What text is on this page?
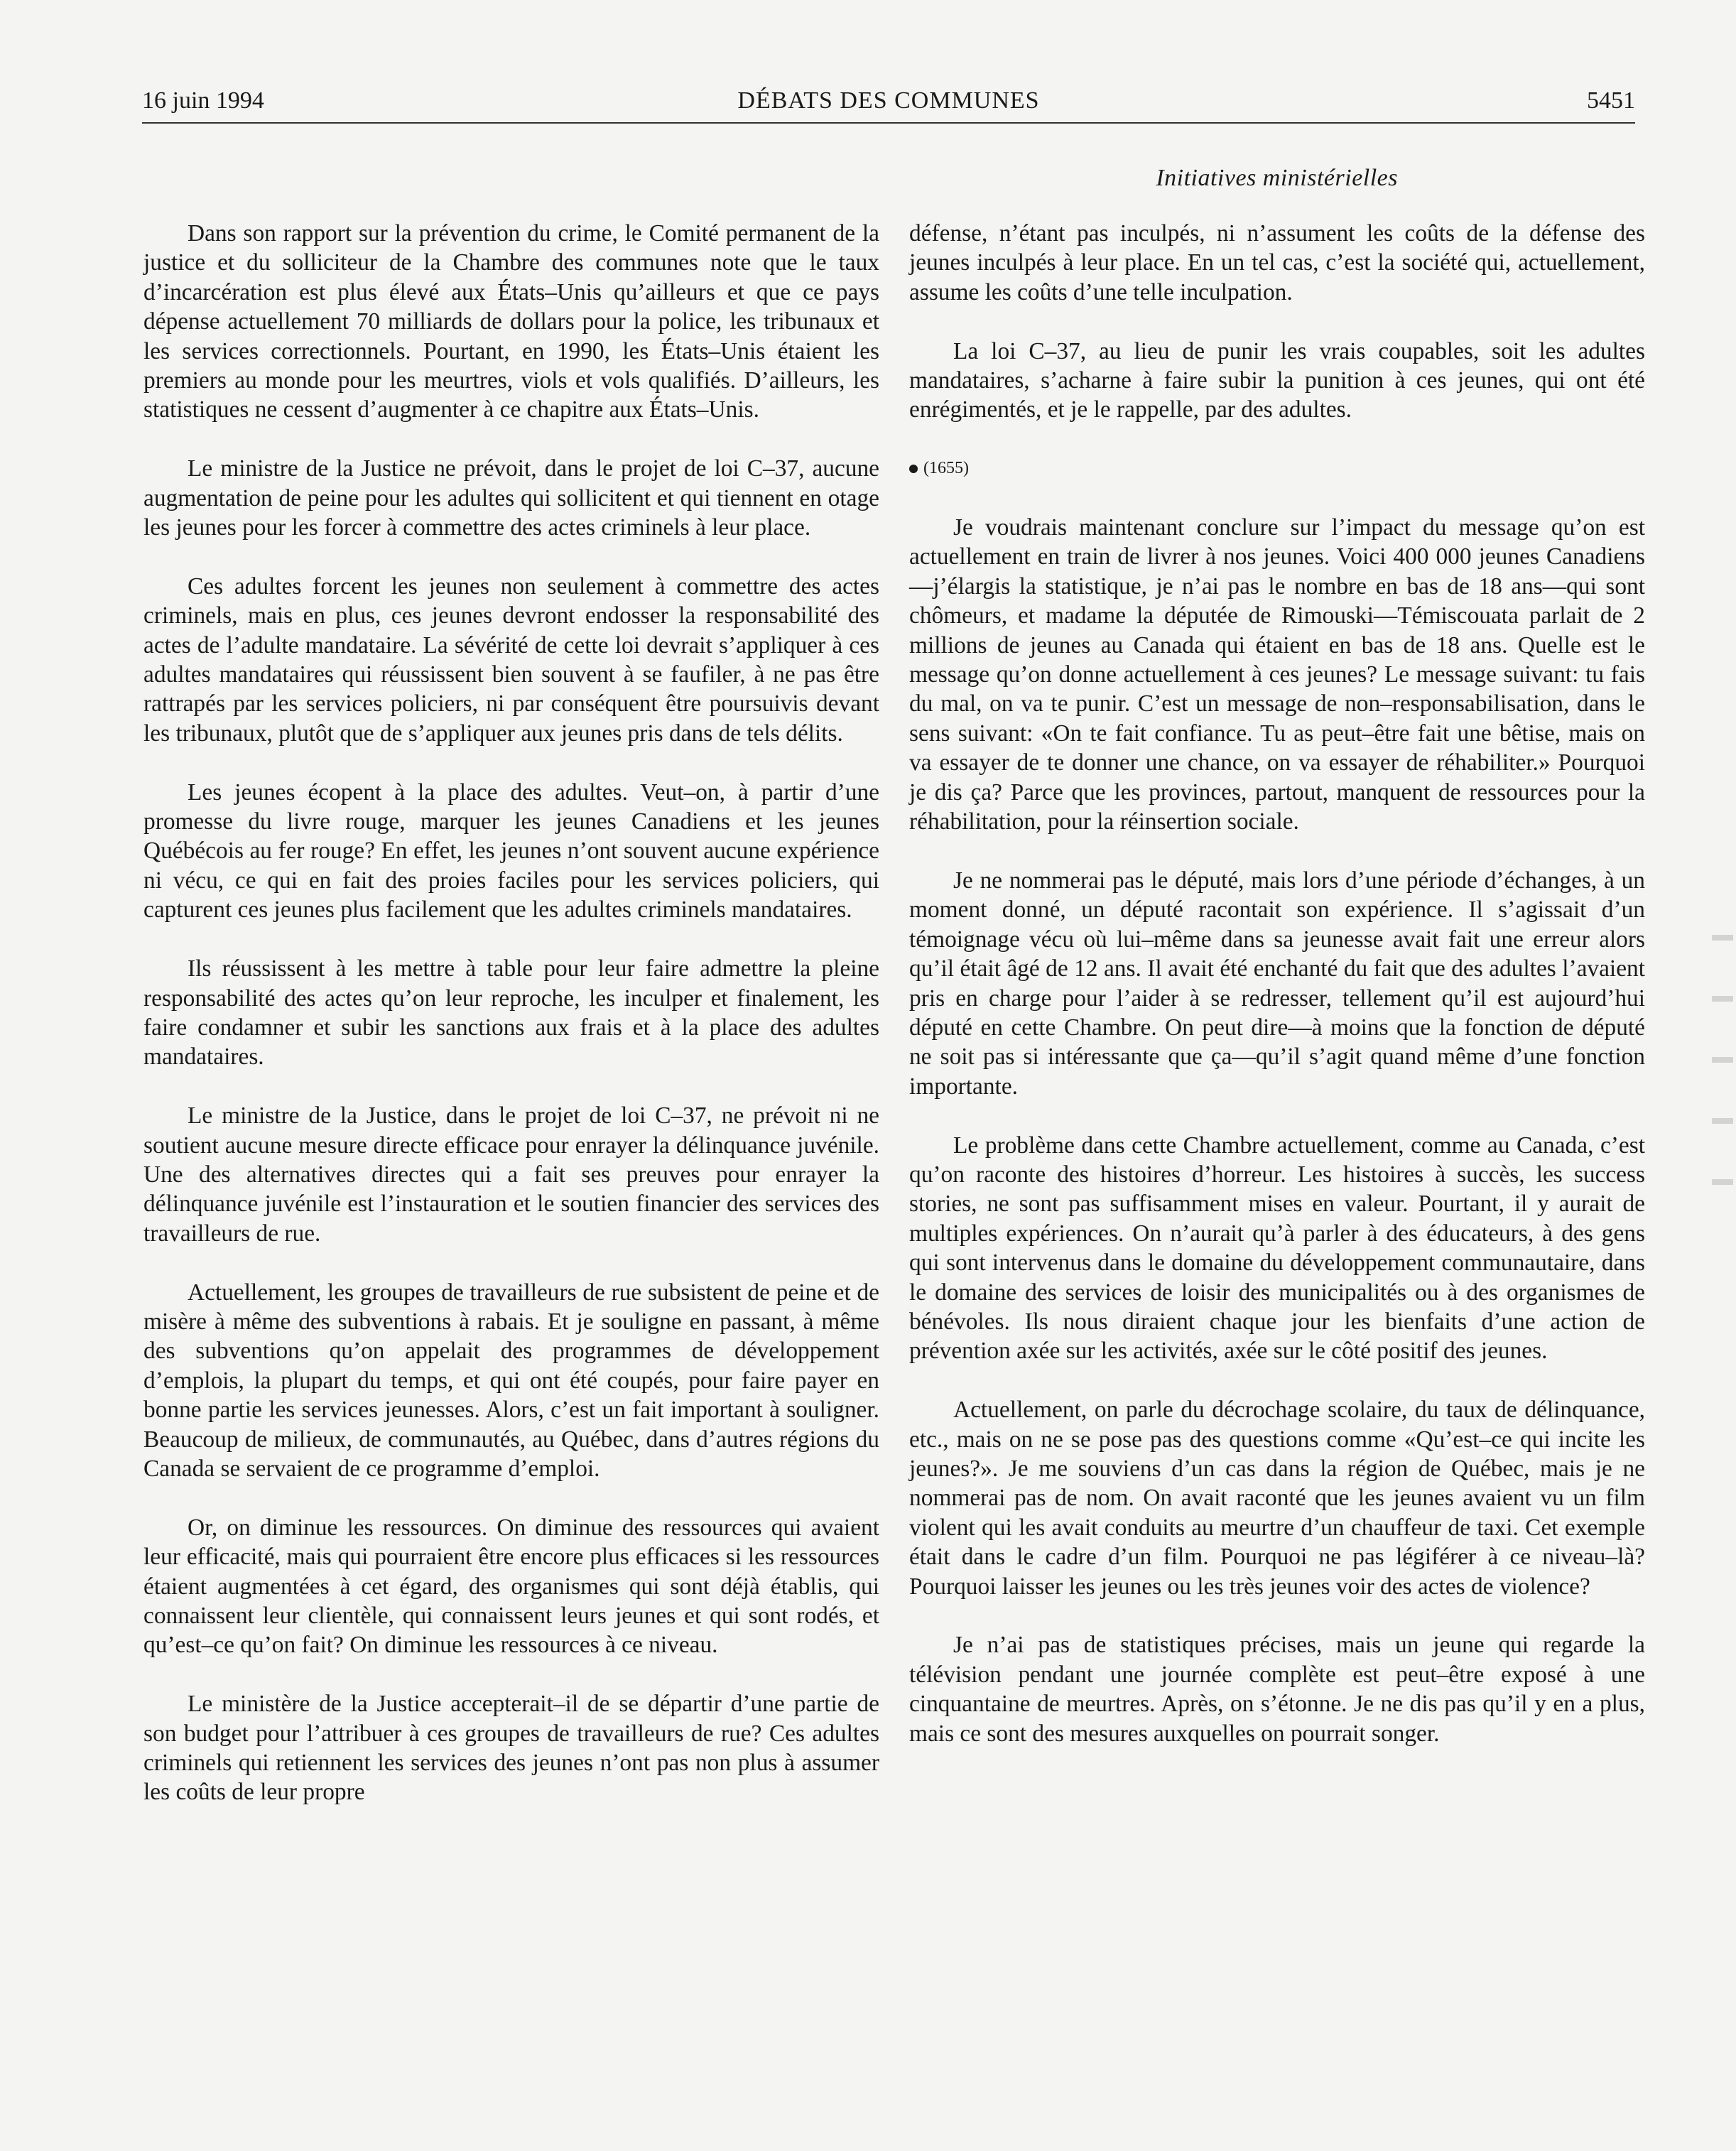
16 juin 1994	DÉBATS DES COMMUNES	5451
Initiatives ministérielles

Dans son rapport sur la prévention du crime, le Comité permanent de la justice et du solliciteur de la Chambre des communes note que le taux d’incarcération est plus élevé aux États–Unis qu’ailleurs et que ce pays dépense actuellement 70 milliards de dollars pour la police, les tribunaux et les services correctionnels. Pourtant, en 1990, les États–Unis étaient les premiers au monde pour les meurtres, viols et vols qualifiés. D’ailleurs, les statistiques ne cessent d’augmenter à ce chapitre aux États–Unis.

Le ministre de la Justice ne prévoit, dans le projet de loi C–37, aucune augmentation de peine pour les adultes qui sollicitent et qui tiennent en otage les jeunes pour les forcer à commettre des actes criminels à leur place.

Ces adultes forcent les jeunes non seulement à commettre des actes criminels, mais en plus, ces jeunes devront endosser la responsabilité des actes de l’adulte mandataire. La sévérité de cette loi devrait s’appliquer à ces adultes mandataires qui réussissent bien souvent à se faufiler, à ne pas être rattrapés par les services policiers, ni par conséquent être poursuivis devant les tribunaux, plutôt que de s’appliquer aux jeunes pris dans de tels délits.

Les jeunes écopent à la place des adultes. Veut–on, à partir d’une promesse du livre rouge, marquer les jeunes Canadiens et les jeunes Québécois au fer rouge? En effet, les jeunes n’ont souvent aucune expérience ni vécu, ce qui en fait des proies faciles pour les services policiers, qui capturent ces jeunes plus facilement que les adultes criminels mandataires.

Ils réussissent à les mettre à table pour leur faire admettre la pleine responsabilité des actes qu’on leur reproche, les inculper et finalement, les faire condamner et subir les sanctions aux frais et à la place des adultes mandataires.

Le ministre de la Justice, dans le projet de loi C–37, ne prévoit ni ne soutient aucune mesure directe efficace pour enrayer la délinquance juvénile. Une des alternatives directes qui a fait ses preuves pour enrayer la délinquance juvénile est l’instauration et le soutien financier des services des travailleurs de rue.

Actuellement, les groupes de travailleurs de rue subsistent de peine et de misère à même des subventions à rabais. Et je souligne en passant, à même des subventions qu’on appelait des programmes de développement d’emplois, la plupart du temps, et qui ont été coupés, pour faire payer en bonne partie les services jeunesses. Alors, c’est un fait important à souligner. Beaucoup de milieux, de communautés, au Québec, dans d’autres régions du Canada se servaient de ce programme d’emploi.

Or, on diminue les ressources. On diminue des ressources qui avaient leur efficacité, mais qui pourraient être encore plus efficaces si les ressources étaient augmentées à cet égard, des organismes qui sont déjà établis, qui connaissent leur clientèle, qui connaissent leurs jeunes et qui sont rodés, et qu’est–ce qu’on fait? On diminue les ressources à ce niveau.

Le ministère de la Justice accepterait–il de se départir d’une partie de son budget pour l’attribuer à ces groupes de travailleurs de rue? Ces adultes criminels qui retiennent les services des jeunes n’ont pas non plus à assumer les coûts de leur propre

défense, n’étant pas inculpés, ni n’assument les coûts de la défense des jeunes inculpés à leur place. En un tel cas, c’est la société qui, actuellement, assume les coûts d’une telle inculpation.

La loi C–37, au lieu de punir les vrais coupables, soit les adultes mandataires, s’acharne à faire subir la punition à ces jeunes, qui ont été enrégimentés, et je le rappelle, par des adultes.

(1655)

Je voudrais maintenant conclure sur l’impact du message qu’on est actuellement en train de livrer à nos jeunes. Voici 400 000 jeunes Canadiens—j’élargis la statistique, je n’ai pas le nombre en bas de 18 ans—qui sont chômeurs, et madame la députée de Rimouski—Témiscouata parlait de 2 millions de jeunes au Canada qui étaient en bas de 18 ans. Quelle est le message qu’on donne actuellement à ces jeunes? Le message suivant: tu fais du mal, on va te punir. C’est un message de non–responsabilisation, dans le sens suivant: «On te fait confiance. Tu as peut–être fait une bêtise, mais on va essayer de te donner une chance, on va essayer de réhabiliter.» Pourquoi je dis ça? Parce que les provinces, partout, manquent de ressources pour la réhabilitation, pour la réinsertion sociale.

Je ne nommerai pas le député, mais lors d’une période d’échanges, à un moment donné, un député racontait son expérience. Il s’agissait d’un témoignage vécu où lui–même dans sa jeunesse avait fait une erreur alors qu’il était âgé de 12 ans. Il avait été enchanté du fait que des adultes l’avaient pris en charge pour l’aider à se redresser, tellement qu’il est aujourd’hui député en cette Chambre. On peut dire—à moins que la fonction de député ne soit pas si intéressante que ça—qu’il s’agit quand même d’une fonction importante.

Le problème dans cette Chambre actuellement, comme au Canada, c’est qu’on raconte des histoires d’horreur. Les histoires à succès, les success stories, ne sont pas suffisamment mises en valeur. Pourtant, il y aurait de multiples expériences. On n’aurait qu’à parler à des éducateurs, à des gens qui sont intervenus dans le domaine du développement communautaire, dans le domaine des services de loisir des municipalités ou à des organismes de bénévoles. Ils nous diraient chaque jour les bienfaits d’une action de prévention axée sur les activités, axée sur le côté positif des jeunes.

Actuellement, on parle du décrochage scolaire, du taux de délinquance, etc., mais on ne se pose pas des questions comme «Qu’est–ce qui incite les jeunes?». Je me souviens d’un cas dans la région de Québec, mais je ne nommerai pas de nom. On avait raconté que les jeunes avaient vu un film violent qui les avait conduits au meurtre d’un chauffeur de taxi. Cet exemple était dans le cadre d’un film. Pourquoi ne pas légiférer à ce niveau–là? Pourquoi laisser les jeunes ou les très jeunes voir des actes de violence?

Je n’ai pas de statistiques précises, mais un jeune qui regarde la télévision pendant une journée complète est peut–être exposé à une cinquantaine de meurtres. Après, on s’étonne. Je ne dis pas qu’il y en a plus, mais ce sont des mesures auxquelles on pourrait songer.
